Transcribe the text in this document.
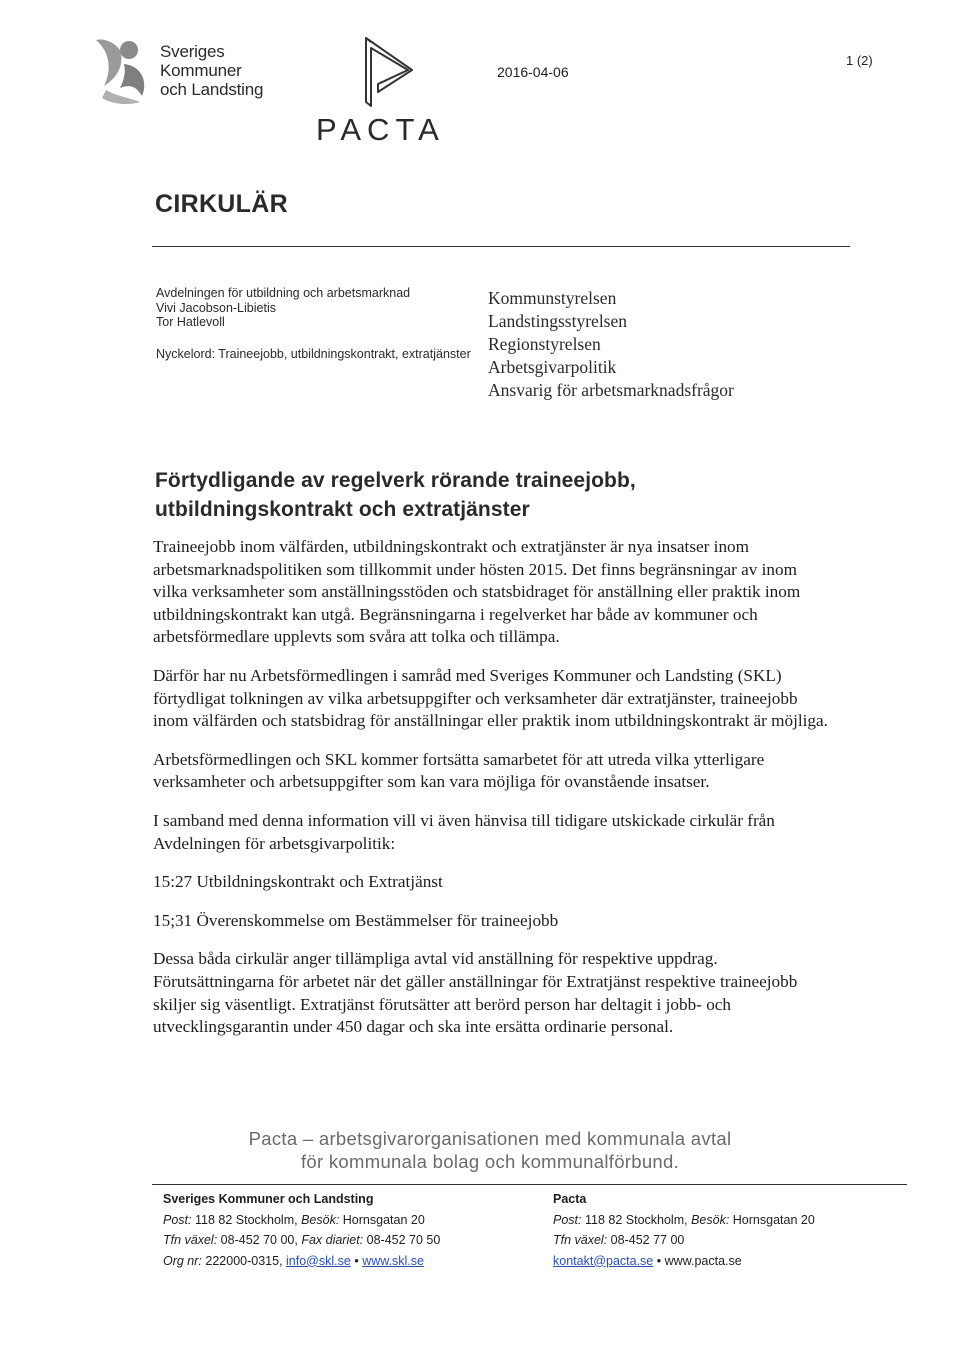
Sveriges
Kommuner
och Landsting
PACTA
2016-04-06
1 (2)
CIRKULÄR
Avdelningen för utbildning och arbetsmarknad
Vivi Jacobson-Libietis
Tor Hatlevoll
Nyckelord: Traineejobb, utbildningskontrakt, extratjänster
Kommunstyrelsen
Landstingsstyrelsen
Regionstyrelsen
Arbetsgivarpolitik
Ansvarig för arbetsmarknadsfrågor
Förtydligande av regelverk rörande traineejobb,
utbildningskontrakt och extratjänster

Traineejobb inom välfärden, utbildningskontrakt och extratjänster är nya insatser inom arbetsmarknadspolitiken som tillkommit under hösten 2015. Det finns begränsningar av inom vilka verksamheter som anställningsstöden och statsbidraget för anställning eller praktik inom utbildningskontrakt kan utgå. Begränsningarna i regelverket har både av kommuner och arbetsförmedlare upplevts som svåra att tolka och tillämpa.

Därför har nu Arbetsförmedlingen i samråd med Sveriges Kommuner och Landsting (SKL) förtydligat tolkningen av vilka arbetsuppgifter och verksamheter där extratjänster, traineejobb inom välfärden och statsbidrag för anställningar eller praktik inom utbildningskontrakt är möjliga.

Arbetsförmedlingen och SKL kommer fortsätta samarbetet för att utreda vilka ytterligare verksamheter och arbetsuppgifter som kan vara möjliga för ovanstående insatser.

I samband med denna information vill vi även hänvisa till tidigare utskickade cirkulär från Avdelningen för arbetsgivarpolitik:

15:27 Utbildningskontrakt och Extratjänst

15;31 Överenskommelse om Bestämmelser för traineejobb

Dessa båda cirkulär anger tillämpliga avtal vid anställning för respektive uppdrag. Förutsättningarna för arbetet när det gäller anställningar för Extratjänst respektive traineejobb skiljer sig väsentligt. Extratjänst förutsätter att berörd person har deltagit i jobb- och utvecklingsgarantin under 450 dagar och ska inte ersätta ordinarie personal.

Pacta – arbetsgivarorganisationen med kommunala avtal
för kommunala bolag och kommunalförbund.
Sveriges Kommuner och Landsting
Post: 118 82 Stockholm, Besök: Hornsgatan 20
Tfn växel: 08-452 70 00, Fax diariet: 08-452 70 50
Org nr: 222000-0315, info@skl.se • www.skl.se
Pacta
Post: 118 82 Stockholm, Besök: Hornsgatan 20
Tfn växel: 08-452 77 00
kontakt@pacta.se • www.pacta.se
